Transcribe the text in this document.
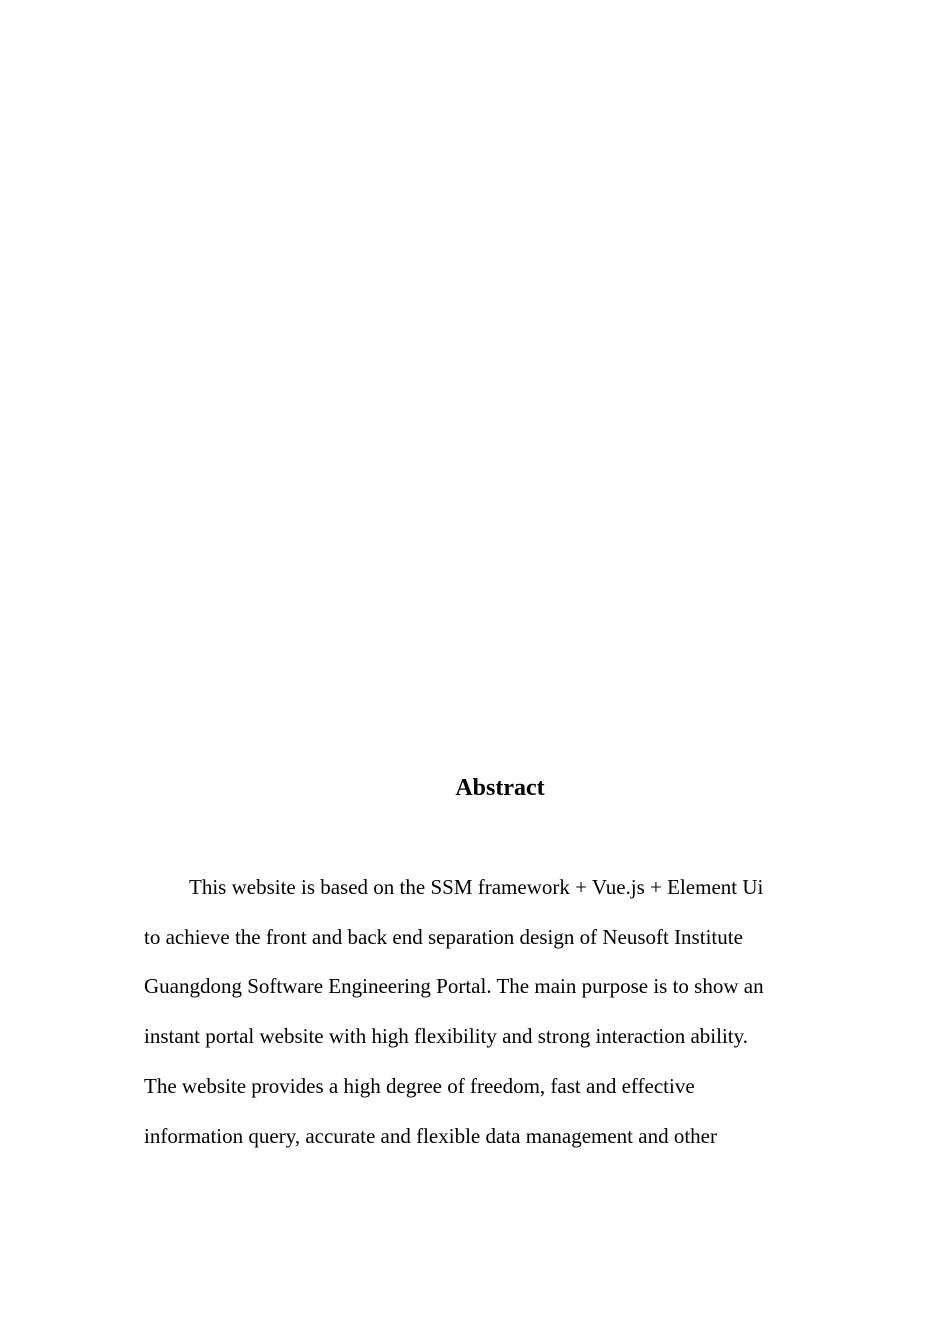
Abstract

This website is based on the SSM framework + Vue.js + Element Ui

to achieve the front and back end separation design of Neusoft Institute

Guangdong Software Engineering Portal. The main purpose is to show an

instant portal website with high flexibility and strong interaction ability.

The website provides a high degree of freedom, fast and effective

information query, accurate and flexible data management and other
